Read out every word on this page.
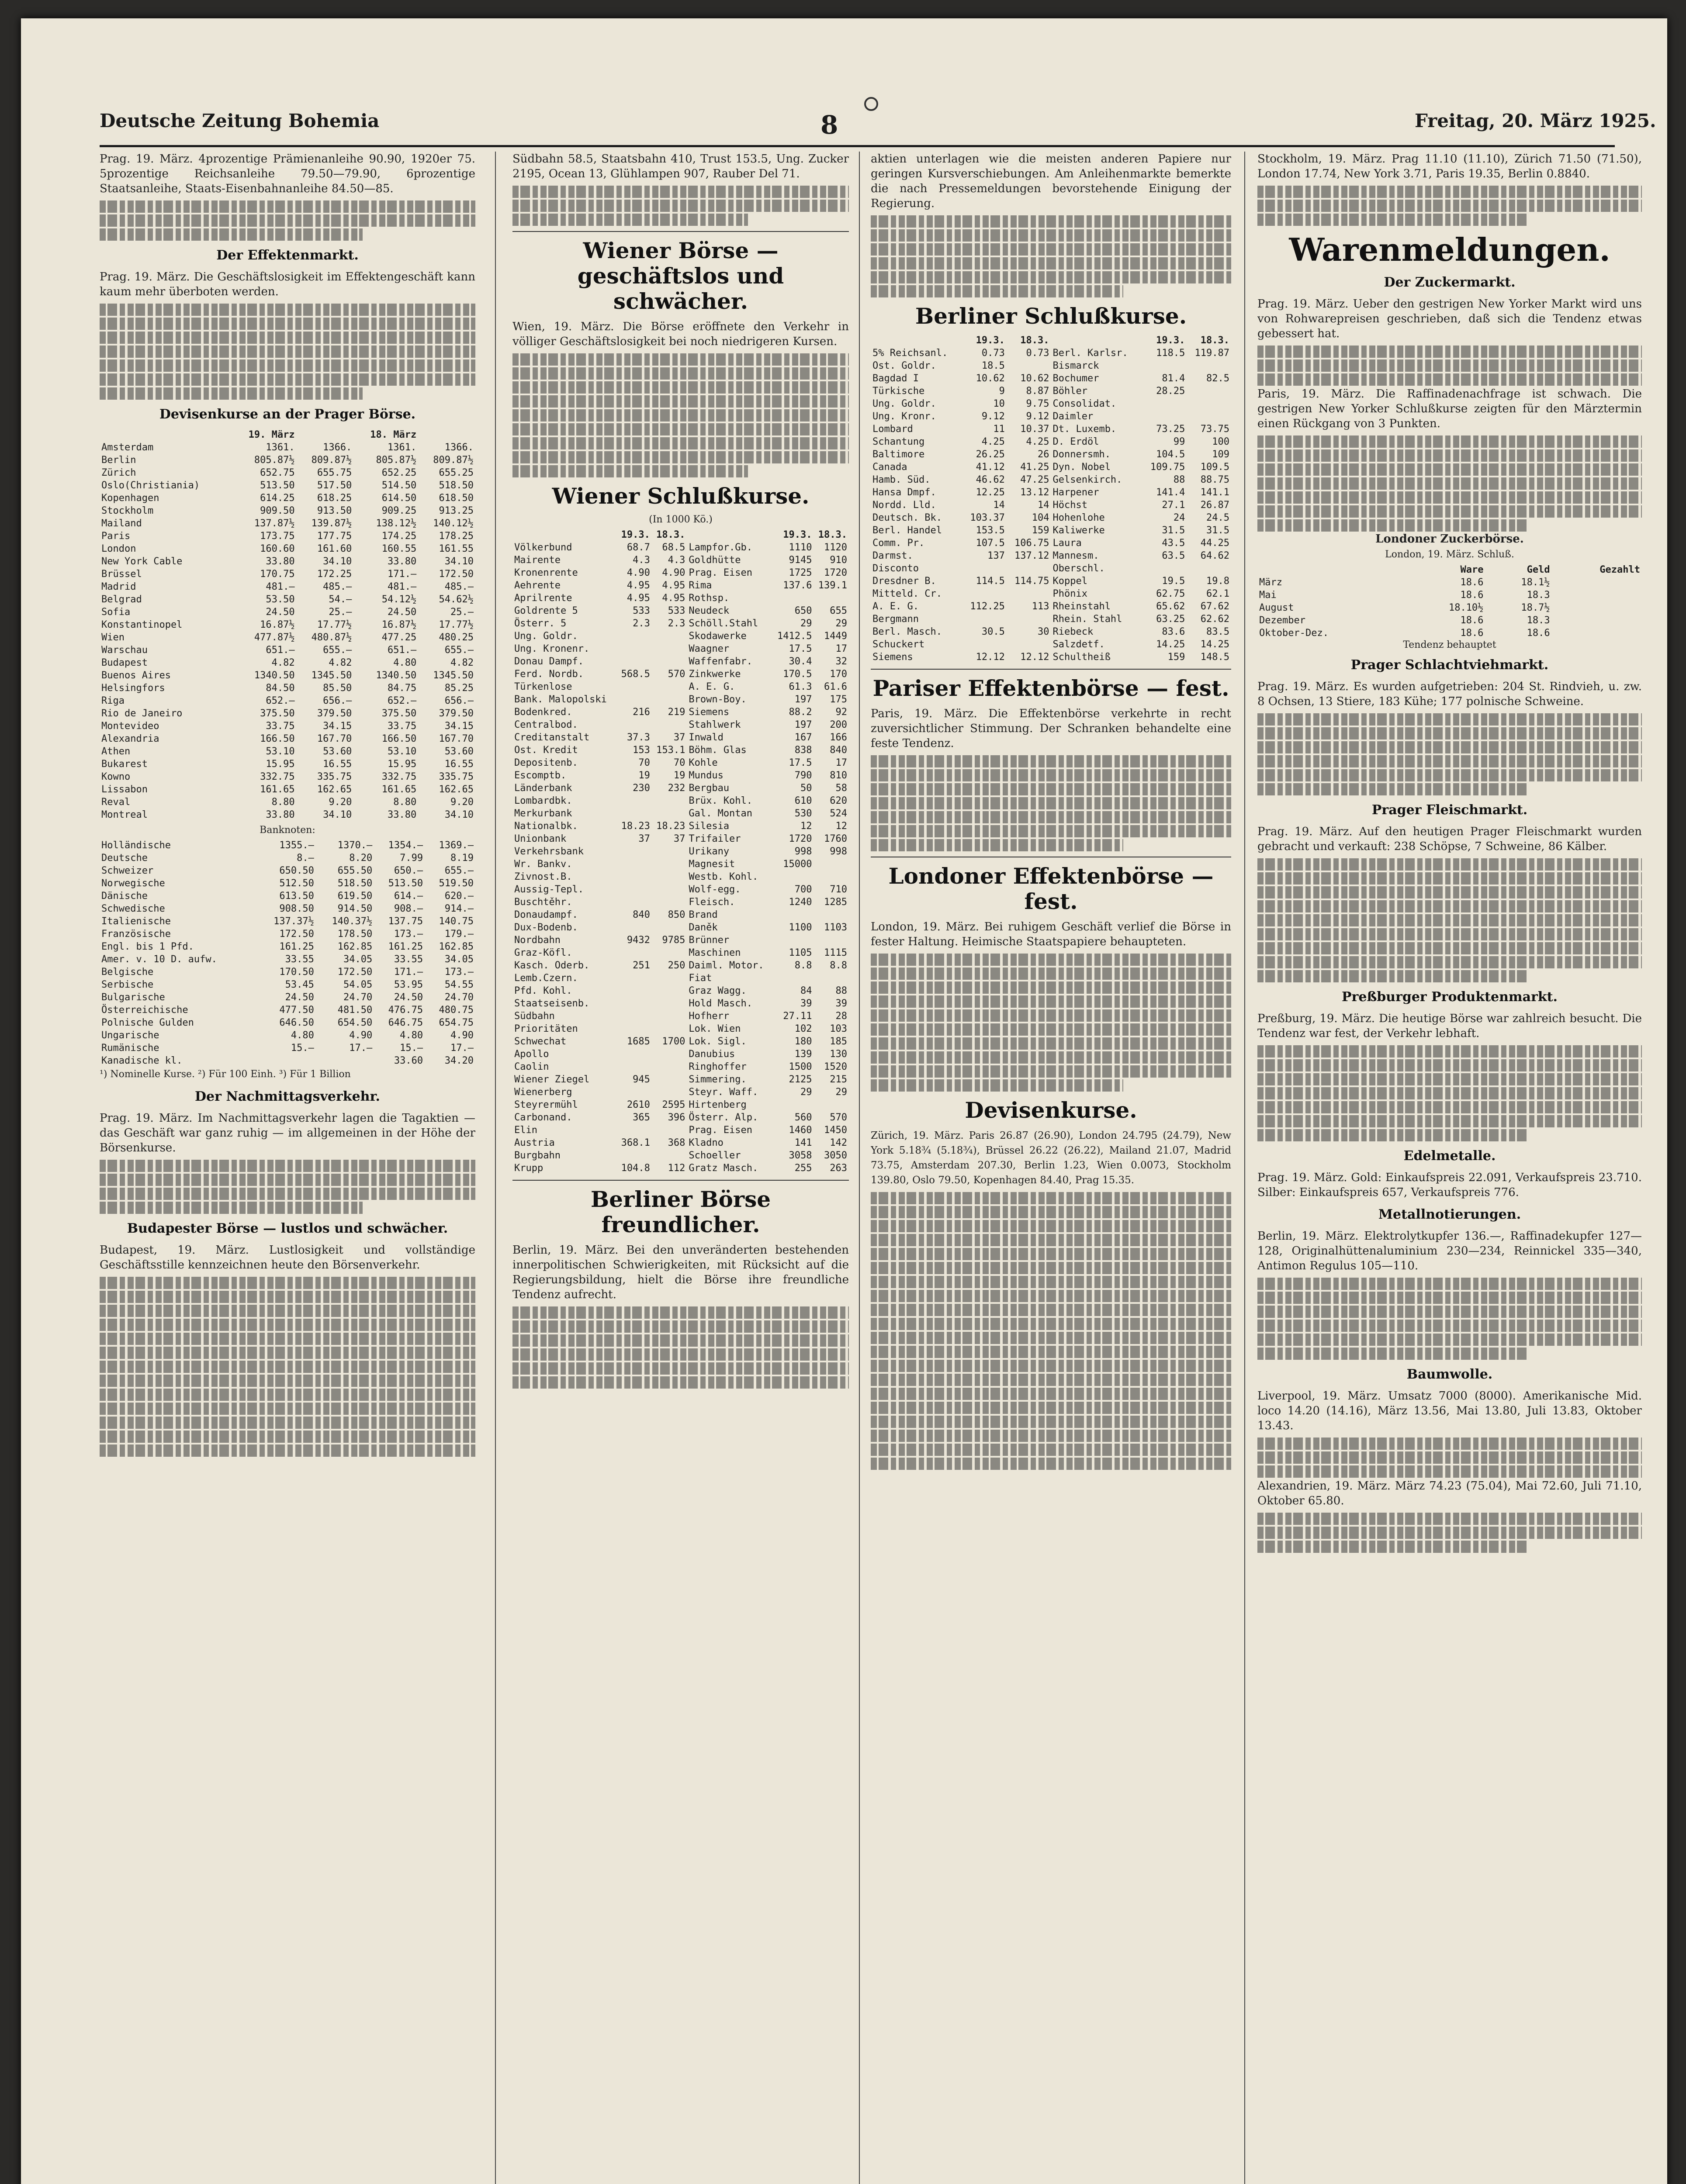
Deutsche Zeitung Bohemia	8	Freitag, 20. März 1925.

Prag. 19. März. 4prozentige Prämienanleihe 90.90, 1920er 75. 5prozentige Reichsanleihe 79.50—79.90, 6prozentige Staatsanleihe, Staats-Eisenbahnanleihe 84.50—85.

Der Effektenmarkt.

Prag. 19. März. Die Geschäftslosigkeit im Effektengeschäft kann kaum mehr überboten werden.

Devisenkurse an der Prager Börse.
	19. März		18. März	
Amsterdam	1361.	1366.	1361.	1366.
Berlin	805.87½	809.87½	805.87½	809.87½
Zürich	652.75	655.75	652.25	655.25
Oslo(Christiania)	513.50	517.50	514.50	518.50
Kopenhagen	614.25	618.25	614.50	618.50
Stockholm	909.50	913.50	909.25	913.25
Mailand	137.87½	139.87½	138.12½	140.12½
Paris	173.75	177.75	174.25	178.25
London	160.60	161.60	160.55	161.55
New York Cable	33.80	34.10	33.80	34.10
Brüssel	170.75	172.25	171.—	172.50
Madrid	481.—	485.—	481.—	485.—
Belgrad	53.50	54.—	54.12½	54.62½
Sofia	24.50	25.—	24.50	25.—
Konstantinopel	16.87½	17.77½	16.87½	17.77½
Wien	477.87½	480.87½	477.25	480.25
Warschau	651.—	655.—	651.—	655.—
Budapest	4.82	4.82	4.80	4.82
Buenos Aires	1340.50	1345.50	1340.50	1345.50
Helsingfors	84.50	85.50	84.75	85.25
Riga	652.—	656.—	652.—	656.—
Rio de Janeiro	375.50	379.50	375.50	379.50
Montevideo	33.75	34.15	33.75	34.15
Alexandria	166.50	167.70	166.50	167.70
Athen	53.10	53.60	53.10	53.60
Bukarest	15.95	16.55	15.95	16.55
Kowno	332.75	335.75	332.75	335.75
Lissabon	161.65	162.65	161.65	162.65
Reval	8.80	9.20	8.80	9.20
Montreal	33.80	34.10	33.80	34.10
Banknoten:
Holländische	1355.—	1370.—	1354.—	1369.—
Deutsche	8.—	8.20	7.99	8.19
Schweizer	650.50	655.50	650.—	655.—
Norwegische	512.50	518.50	513.50	519.50
Dänische	613.50	619.50	614.—	620.—
Schwedische	908.50	914.50	908.—	914.—
Italienische	137.37½	140.37½	137.75	140.75
Französische	172.50	178.50	173.—	179.—
Engl. bis 1 Pfd.	161.25	162.85	161.25	162.85
Amer. v. 10 D. aufw.	33.55	34.05	33.55	34.05
Belgische	170.50	172.50	171.—	173.—
Serbische	53.45	54.05	53.95	54.55
Bulgarische	24.50	24.70	24.50	24.70
Österreichische	477.50	481.50	476.75	480.75
Polnische Gulden	646.50	654.50	646.75	654.75
Ungarische	4.80	4.90	4.80	4.90
Rumänische	15.—	17.—	15.—	17.—
Kanadische kl.			33.60	34.20

¹) Nominelle Kurse. ²) Für 100 Einh. ³) Für 1 Billion

Der Nachmittagsverkehr.

Prag. 19. März. Im Nachmittagsverkehr lagen die Tagaktien — das Geschäft war ganz ruhig — im allgemeinen in der Höhe der Börsenkurse.

Budapester Börse — lustlos und schwächer.

Budapest, 19. März. Lustlosigkeit und vollständige Geschäftsstille kennzeichnen heute den Börsenverkehr.

Südbahn 58.5, Staatsbahn 410, Trust 153.5, Ung. Zucker 2195, Ocean 13, Glühlampen 907, Rauber Del 71.

Wiener Börse — geschäftslos und schwächer.

Wien, 19. März. Die Börse eröffnete den Verkehr in völliger Geschäftslosigkeit bei noch niedrigeren Kursen.

Wiener Schlußkurse.
(In 1000 Kö.)
	19.3.	18.3.		19.3.	18.3.
Völkerbund	68.7	68.5	Lampfor.Gb.	1110	1120
Mairente	4.3	4.3	Goldhütte	9145	910
Kronenrente	4.90	4.90	Prag. Eisen	1725	1720
Aehrente	4.95	4.95	Rima	137.6	139.1
Aprilrente	4.95	4.95	Rothsp.		
Goldrente 5	533	533	Neudeck	650	655
Österr. 5	2.3	2.3	Schöll.Stahl	29	29
Ung. Goldr.			Skodawerke	1412.5	1449
Ung. Kronenr.			Waagner	17.5	17
Donau Dampf.			Waffenfabr.	30.4	32
Ferd. Nordb.	568.5	570	Zinkwerke	170.5	170
Türkenlose			A. E. G.	61.3	61.6
Bank. Malopolski			Brown-Boy.	197	175
Bodenkred.	216	219	Siemens	88.2	92
Centralbod.			Stahlwerk	197	200
Creditanstalt	37.3	37	Inwald	167	166
Ost. Kredit	153	153.1	Böhm. Glas	838	840
Depositenb.	70	70	Kohle	17.5	17
Escomptb.	19	19	Mundus	790	810
Länderbank	230	232	Bergbau	50	58
Lombardbk.			Brüx. Kohl.	610	620
Merkurbank			Gal. Montan	530	524
Nationalbk.	18.23	18.23	Silesia	12	12
Unionbank	37	37	Trifailer	1720	1760
Verkehrsbank			Urikany	998	998
Wr. Bankv.			Magnesit	15000	
Zivnost.B.			Westb. Kohl.		
Aussig-Tepl.			Wolf-egg.	700	710
Buschtěhr.			Fleisch.	1240	1285
Donaudampf.	840	850	Brand		
Dux-Bodenb.			Daněk	1100	1103
Nordbahn	9432	9785	Brünner		
Graz-Köfl.			Maschinen	1105	1115
Kasch. Oderb.	251	250	Daiml. Motor.	8.8	8.8
Lemb.Czern.			Fiat		
Pfd. Kohl.			Graz Wagg.	84	88
Staatseisenb.			Hold Masch.	39	39
Südbahn			Hofherr	27.11	28
Prioritäten			Lok. Wien	102	103
Schwechat	1685	1700	Lok. Sigl.	180	185
Apollo			Danubius	139	130
Caolin			Ringhoffer	1500	1520
Wiener Ziegel	945		Simmering.	2125	215
Wienerberg			Steyr. Waff.	29	29
Steyrermühl	2610	2595	Hirtenberg		
Carbonand.	365	396	Österr. Alp.	560	570
Elin			Prag. Eisen	1460	1450
Austria	368.1	368	Kladno	141	142
Burgbahn			Schoeller	3058	3050
Krupp	104.8	112	Gratz Masch.	255	263
Berliner Börse freundlicher.

Berlin, 19. März. Bei den unveränderten bestehenden innerpolitischen Schwierigkeiten, mit Rücksicht auf die Regierungsbildung, hielt die Börse ihre freundliche Tendenz aufrecht.

aktien unterlagen wie die meisten anderen Papiere nur geringen Kursverschiebungen. Am Anleihenmarkte bemerkte die nach Pressemeldungen bevorstehende Einigung der Regierung.

Berliner Schlußkurse.
	19.3.	18.3.		19.3.	18.3.
5% Reichsanl.	0.73	0.73	Berl. Karlsr.	118.5	119.87
Ost. Goldr.	18.5		Bismarck		
Bagdad I	10.62	10.62	Bochumer	81.4	82.5
Türkische	9	8.87	Böhler	28.25	
Ung. Goldr.	10	9.75	Consolidat.		
Ung. Kronr.	9.12	9.12	Daimler		
Lombard	11	10.37	Dt. Luxemb.	73.25	73.75
Schantung	4.25	4.25	D. Erdöl	99	100
Baltimore	26.25	26	Donnersmh.	104.5	109
Canada	41.12	41.25	Dyn. Nobel	109.75	109.5
Hamb. Süd.	46.62	47.25	Gelsenkirch.	88	88.75
Hansa Dmpf.	12.25	13.12	Harpener	141.4	141.1
Nordd. Lld.	14	14	Höchst	27.1	26.87
Deutsch. Bk.	103.37	104	Hohenlohe	24	24.5
Berl. Handel	153.5	159	Kaliwerke	31.5	31.5
Comm. Pr.	107.5	106.75	Laura	43.5	44.25
Darmst.	137	137.12	Mannesm.	63.5	64.62
Disconto			Oberschl.		
Dresdner B.	114.5	114.75	Koppel	19.5	19.8
Mitteld. Cr.			Phönix	62.75	62.1
A. E. G.	112.25	113	Rheinstahl	65.62	67.62
Bergmann			Rhein. Stahl	63.25	62.62
Berl. Masch.	30.5	30	Riebeck	83.6	83.5
Schuckert			Salzdetf.	14.25	14.25
Siemens	12.12	12.12	Schultheiß	159	148.5
Pariser Effektenbörse — fest.

Paris, 19. März. Die Effektenbörse verkehrte in recht zuversichtlicher Stimmung. Der Schranken behandelte eine feste Tendenz.

Londoner Effektenbörse — fest.

London, 19. März. Bei ruhigem Geschäft verlief die Börse in fester Haltung. Heimische Staatspapiere behaupteten.

Devisenkurse.

Zürich, 19. März. Paris 26.87 (26.90), London 24.795 (24.79), New York 5.18¾ (5.18¾), Brüssel 26.22 (26.22), Mailand 21.07, Madrid 73.75, Amsterdam 207.30, Berlin 1.23, Wien 0.0073, Stockholm 139.80, Oslo 79.50, Kopenhagen 84.40, Prag 15.35.

Stockholm, 19. März. Prag 11.10 (11.10), Zürich 71.50 (71.50), London 17.74, New York 3.71, Paris 19.35, Berlin 0.8840.

Warenmeldungen.
Der Zuckermarkt.

Prag. 19. März. Ueber den gestrigen New Yorker Markt wird uns von Rohwarepreisen geschrieben, daß sich die Tendenz etwas gebessert hat.

Paris, 19. März. Die Raffinadenachfrage ist schwach. Die gestrigen New Yorker Schlußkurse zeigten für den Märztermin einen Rückgang von 3 Punkten.

Londoner Zuckerbörse.
London, 19. März. Schluß.
	Ware	Geld	Gezahlt
März	18.6	18.1½	
Mai	18.6	18.3	
August	18.10½	18.7½	
Dezember	18.6	18.3	
Oktober-Dez.	18.6	18.6	
Tendenz behauptet
Prager Schlachtviehmarkt.

Prag. 19. März. Es wurden aufgetrieben: 204 St. Rindvieh, u. zw. 8 Ochsen, 13 Stiere, 183 Kühe; 177 polnische Schweine.

Prager Fleischmarkt.

Prag. 19. März. Auf den heutigen Prager Fleischmarkt wurden gebracht und verkauft: 238 Schöpse, 7 Schweine, 86 Kälber.

Preßburger Produktenmarkt.

Preßburg, 19. März. Die heutige Börse war zahlreich besucht. Die Tendenz war fest, der Verkehr lebhaft.

Edelmetalle.

Prag. 19. März. Gold: Einkaufspreis 22.091, Verkaufspreis 23.710. Silber: Einkaufspreis 657, Verkaufspreis 776.

Metallnotierungen.

Berlin, 19. März. Elektrolytkupfer 136.—, Raffinadekupfer 127—128, Originalhüttenaluminium 230—234, Reinnickel 335—340, Antimon Regulus 105—110.

Baumwolle.

Liverpool, 19. März. Umsatz 7000 (8000). Amerikanische Mid. loco 14.20 (14.16), März 13.56, Mai 13.80, Juli 13.83, Oktober 13.43.

Alexandrien, 19. März. März 74.23 (75.04), Mai 72.60, Juli 71.10, Oktober 65.80.
